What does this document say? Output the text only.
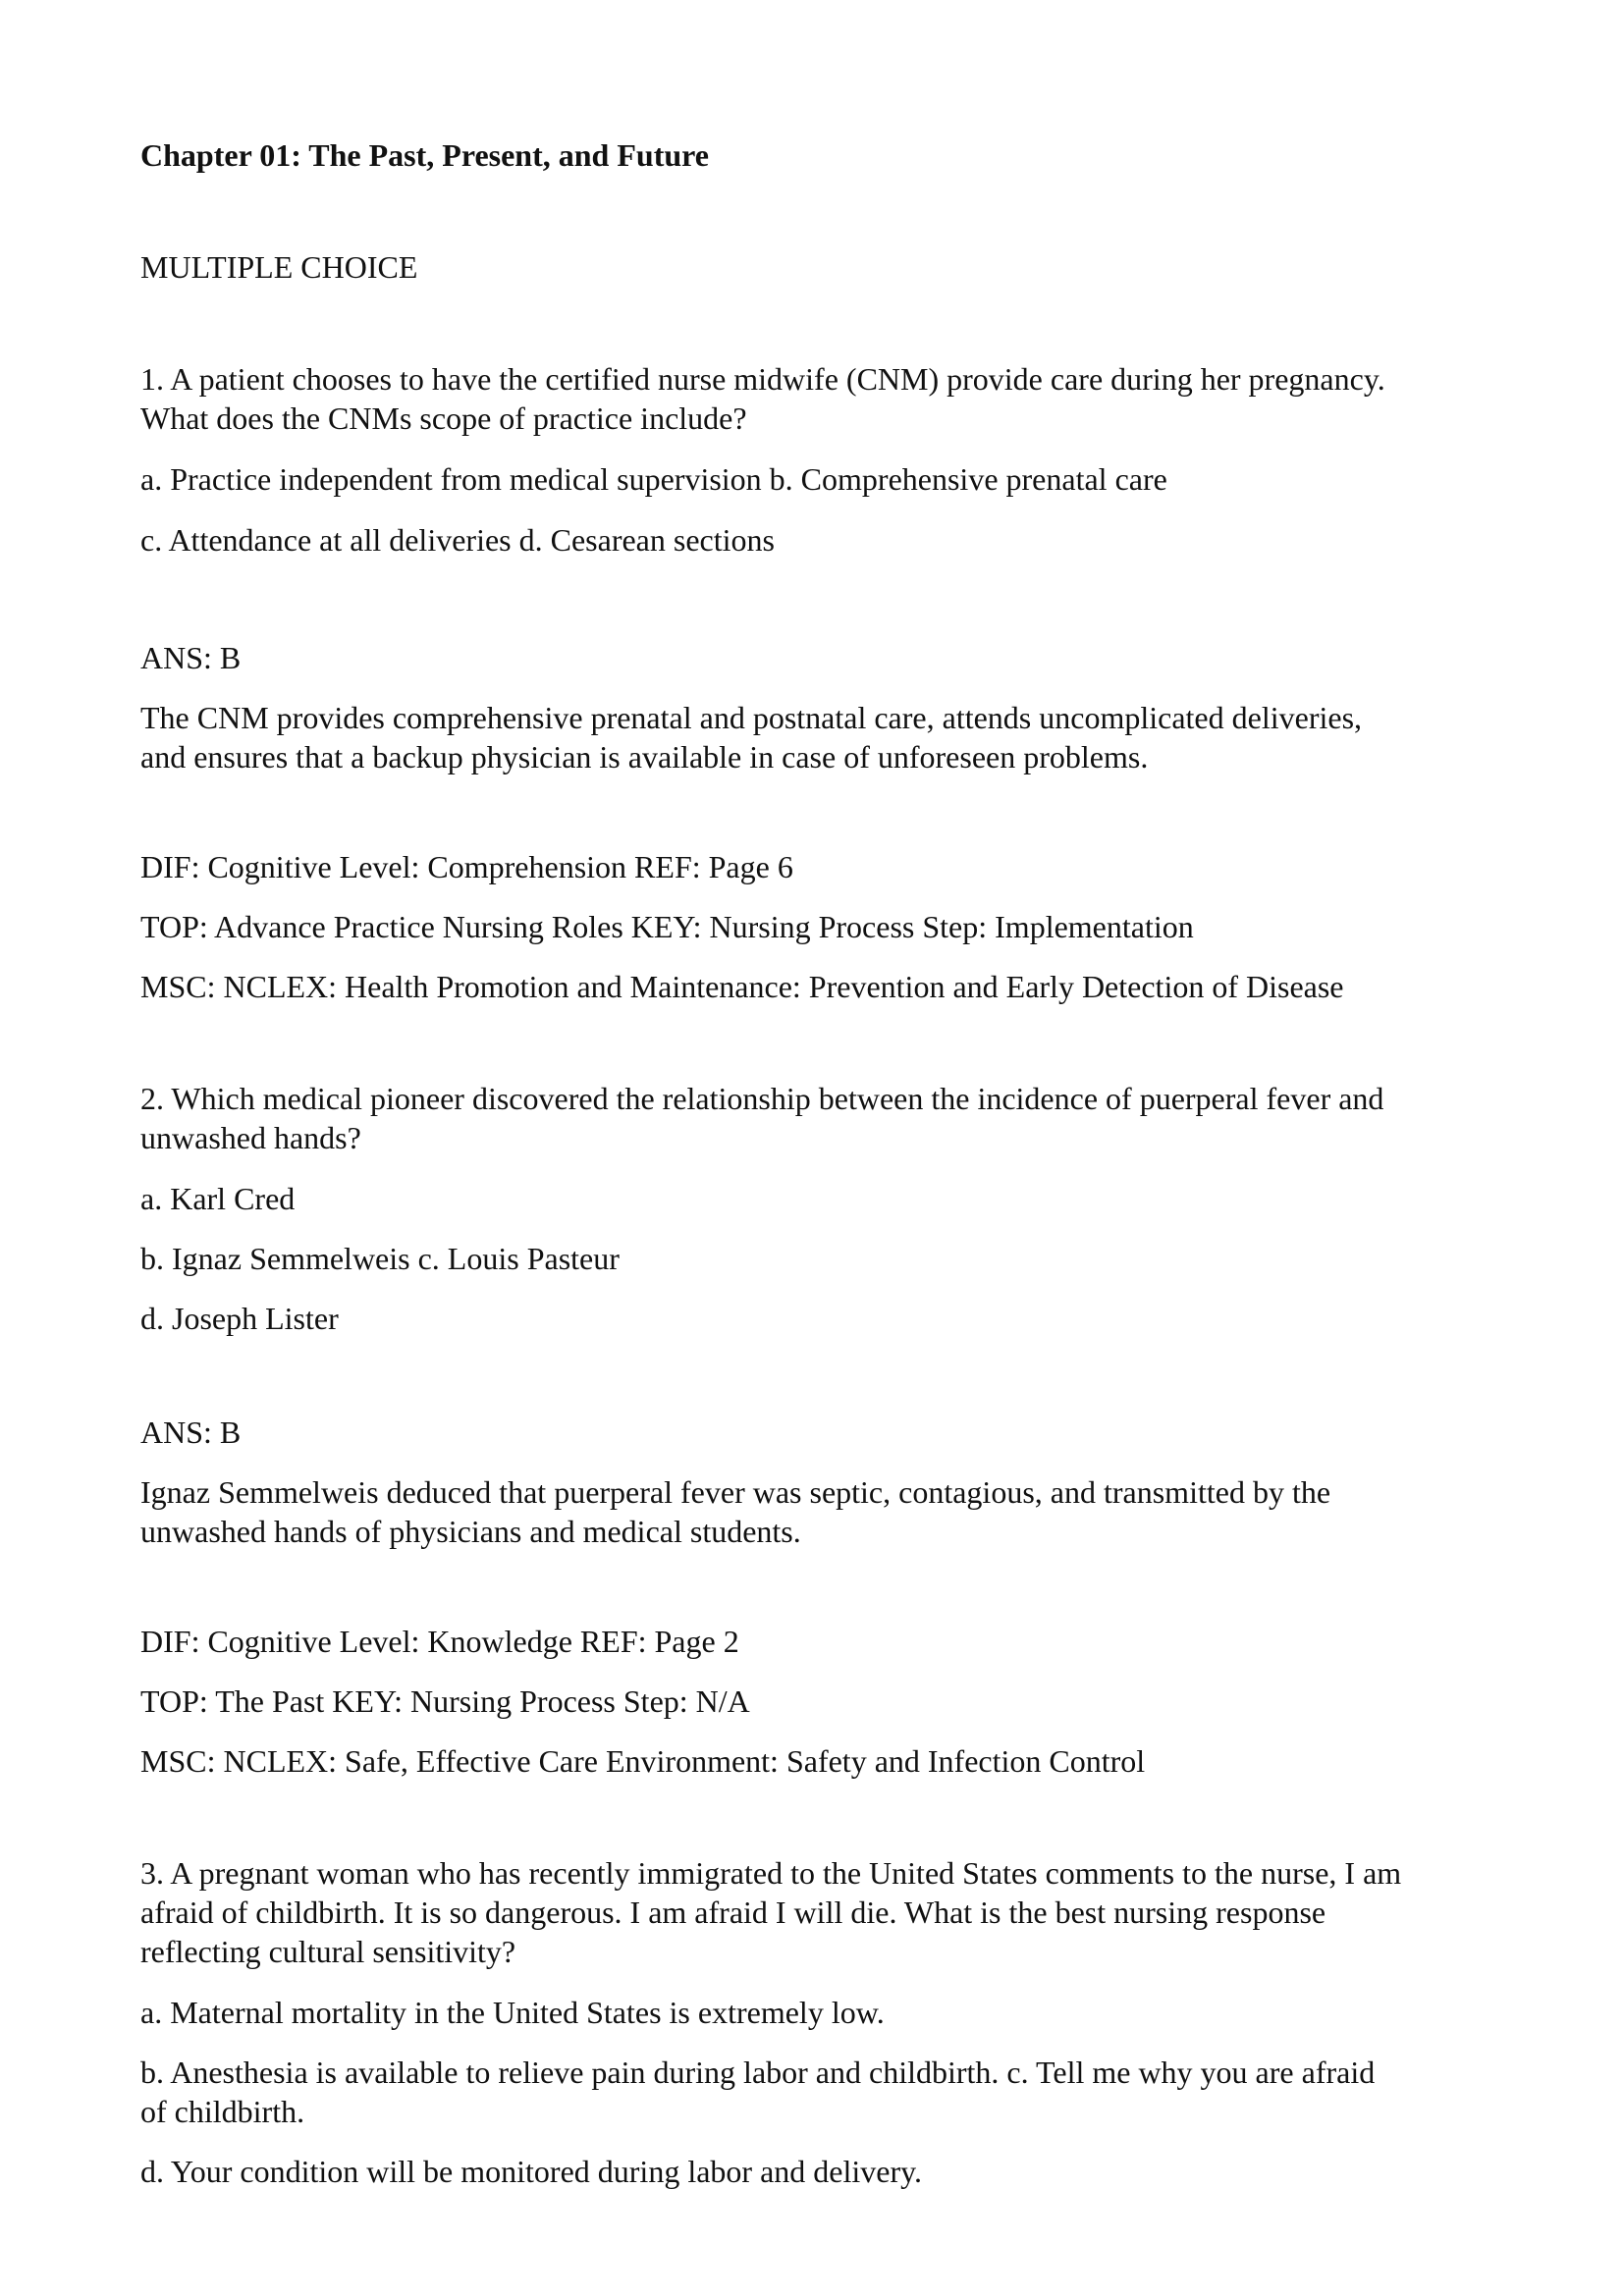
Chapter 01: The Past, Present, and Future

MULTIPLE CHOICE

1. A patient chooses to have the certified nurse midwife (CNM) provide care during her pregnancy.

What does the CNMs scope of practice include?

a. Practice independent from medical supervision b. Comprehensive prenatal care

c. Attendance at all deliveries d. Cesarean sections

ANS: B

The CNM provides comprehensive prenatal and postnatal care, attends uncomplicated deliveries,

and ensures that a backup physician is available in case of unforeseen problems.

DIF: Cognitive Level: Comprehension REF: Page 6

TOP: Advance Practice Nursing Roles KEY: Nursing Process Step: Implementation

MSC: NCLEX: Health Promotion and Maintenance: Prevention and Early Detection of Disease

2. Which medical pioneer discovered the relationship between the incidence of puerperal fever and

unwashed hands?

a. Karl Cred

b. Ignaz Semmelweis c. Louis Pasteur

d. Joseph Lister

ANS: B

Ignaz Semmelweis deduced that puerperal fever was septic, contagious, and transmitted by the

unwashed hands of physicians and medical students.

DIF: Cognitive Level: Knowledge REF: Page 2

TOP: The Past KEY: Nursing Process Step: N/A

MSC: NCLEX: Safe, Effective Care Environment: Safety and Infection Control

3. A pregnant woman who has recently immigrated to the United States comments to the nurse, I am

afraid of childbirth. It is so dangerous. I am afraid I will die. What is the best nursing response

reflecting cultural sensitivity?

a. Maternal mortality in the United States is extremely low.

b. Anesthesia is available to relieve pain during labor and childbirth. c. Tell me why you are afraid

of childbirth.

d. Your condition will be monitored during labor and delivery.
